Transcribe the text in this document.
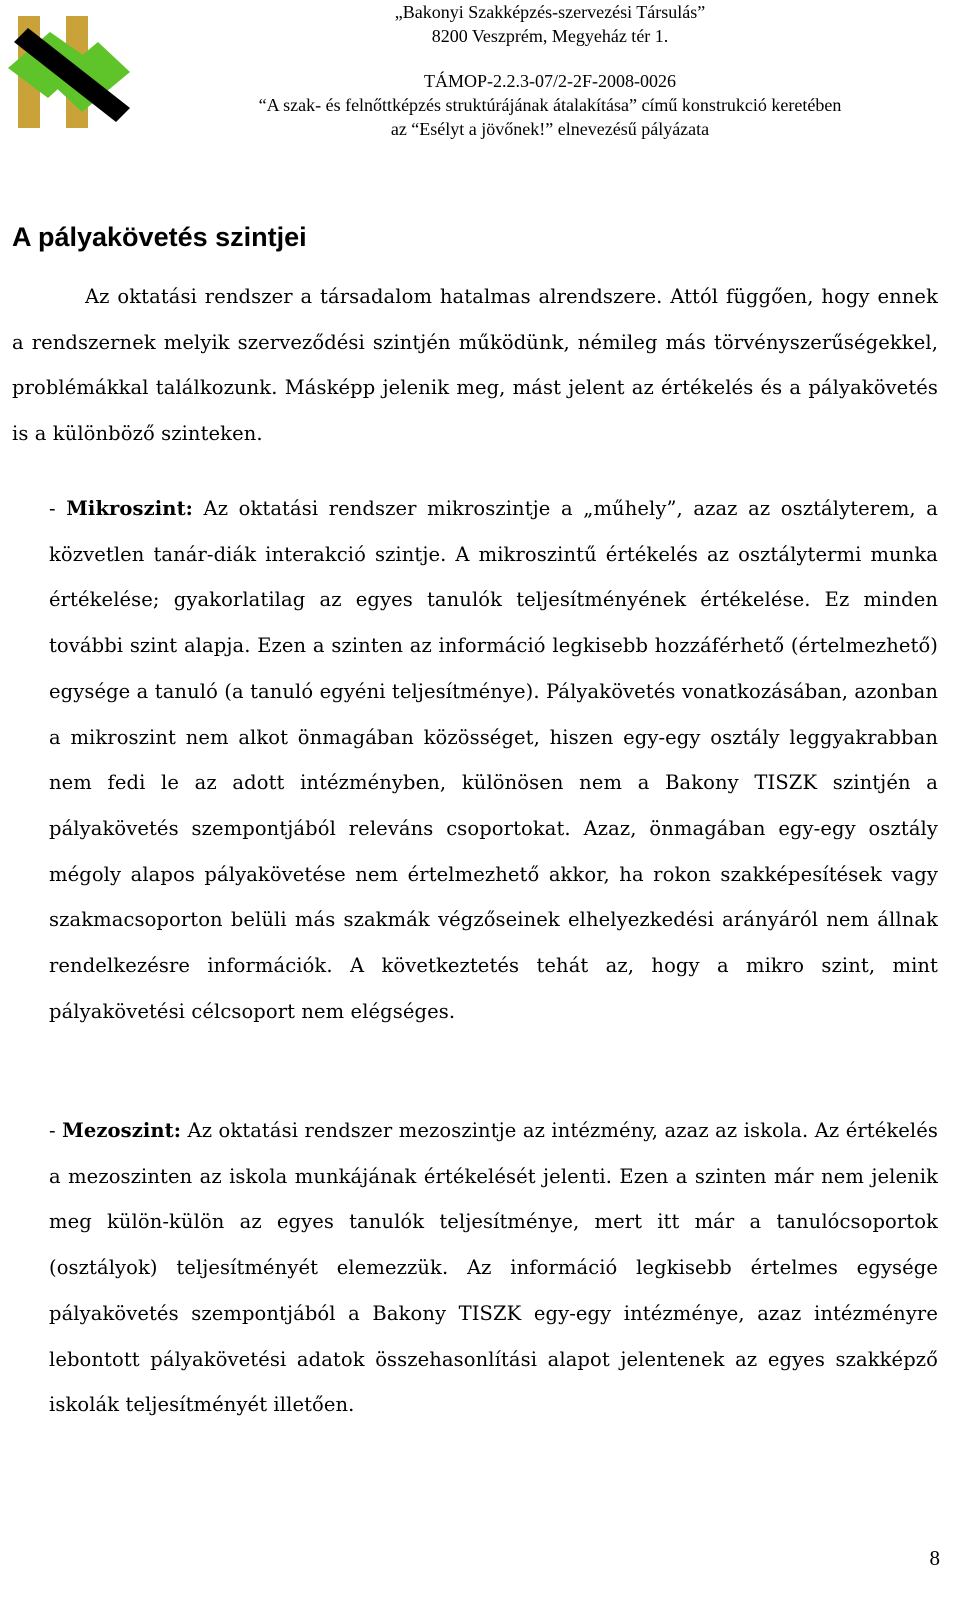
„Bakonyi Szakképzés-szervezési Társulás”
8200 Veszprém, Megyeház tér 1.
TÁMOP-2.2.3-07/2-2F-2008-0026
“A szak- és felnőttképzés struktúrájának átalakítása” című konstrukció keretében
az “Esélyt a jövőnek!” elnevezésű pályázata
A pályakövetés szintjei

Az oktatási rendszer a társadalom hatalmas alrendszere. Attól függően, hogy ennek a rendszernek melyik szerveződési szintjén működünk, némileg más törvényszerűségekkel, problémákkal találkozunk. Másképp jelenik meg, mást jelent az értékelés és a pályakövetés is a különböző szinteken.

- Mikroszint: Az oktatási rendszer mikroszintje a „műhely”, azaz az osztályterem, a közvetlen tanár-diák interakció szintje. A mikroszintű értékelés az osztálytermi munka értékelése; gyakorlatilag az egyes tanulók teljesítményének értékelése. Ez minden további szint alapja. Ezen a szinten az információ legkisebb hozzáférhető (értelmezhető) egysége a tanuló (a tanuló egyéni teljesítménye). Pályakövetés vonatkozásában, azonban a mikroszint nem alkot önmagában közösséget, hiszen egy-egy osztály leggyakrabban nem fedi le az adott intézményben, különösen nem a Bakony TISZK szintjén a pályakövetés szempontjából releváns csoportokat. Azaz, önmagában egy-egy osztály mégoly alapos pályakövetése nem értelmezhető akkor, ha rokon szakképesítések vagy szakmacsoporton belüli más szakmák végzőseinek elhelyezkedési arányáról nem állnak rendelkezésre információk. A következtetés tehát az, hogy a mikro szint, mint pályakövetési célcsoport nem elégséges.

- Mezoszint: Az oktatási rendszer mezoszintje az intézmény, azaz az iskola. Az értékelés a mezoszinten az iskola munkájának értékelését jelenti. Ezen a szinten már nem jelenik meg külön-külön az egyes tanulók teljesítménye, mert itt már a tanulócsoportok (osztályok) teljesítményét elemezzük. Az információ legkisebb értelmes egysége pályakövetés szempontjából a Bakony TISZK egy-egy intézménye, azaz intézményre lebontott pályakövetési adatok összehasonlítási alapot jelentenek az egyes szakképző iskolák teljesítményét illetően.

8
